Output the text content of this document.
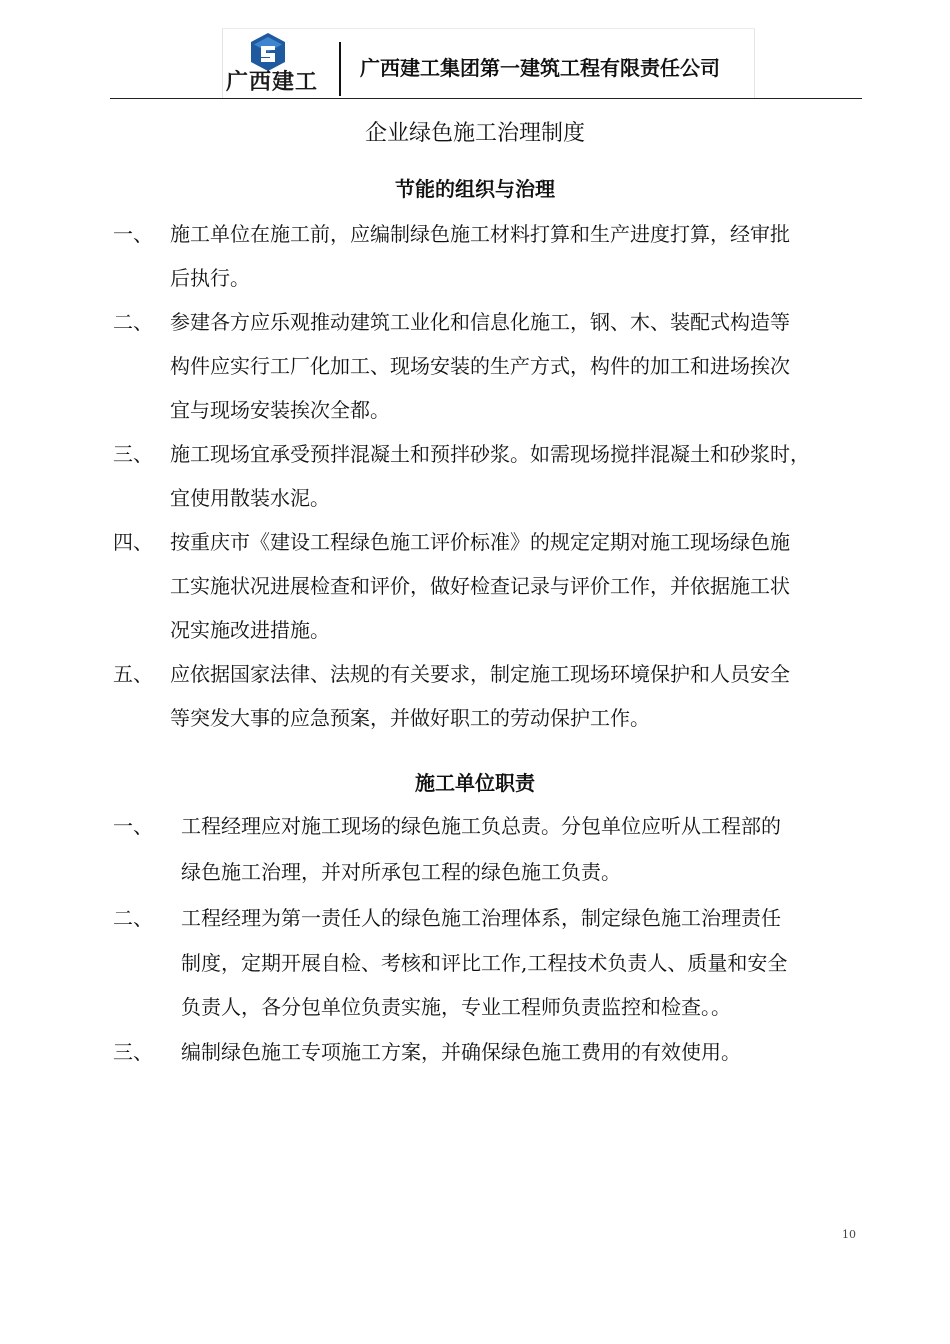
广西建工
广西建工集团第一建筑工程有限责任公司
企业绿色施工治理制度
节能的组织与治理
一、 施工单位在施工前，应编制绿色施工材料打算和生产进度打算，经审批
后执行。
二、 参建各方应乐观推动建筑工业化和信息化施工，钢、木、装配式构造等
构件应实行工厂化加工、现场安装的生产方式，构件的加工和进场挨次
宜与现场安装挨次全都。
三、 施工现场宜承受预拌混凝土和预拌砂浆。如需现场搅拌混凝土和砂浆时，
宜使用散装水泥。
四、 按重庆市《建设工程绿色施工评价标准》的规定定期对施工现场绿色施
工实施状况进展检查和评价，做好检查记录与评价工作，并依据施工状
况实施改进措施。
五、 应依据国家法律、法规的有关要求，制定施工现场环境保护和人员安全
等突发大事的应急预案，并做好职工的劳动保护工作。
施工单位职责
一、 工程经理应对施工现场的绿色施工负总责。分包单位应听从工程部的
绿色施工治理，并对所承包工程的绿色施工负责。
二、 工程经理为第一责任人的绿色施工治理体系，制定绿色施工治理责任
制度，定期开展自检、考核和评比工作,工程技术负责人、质量和安全
负责人，各分包单位负责实施，专业工程师负责监控和检查。。
三、 编制绿色施工专项施工方案，并确保绿色施工费用的有效使用。
10
